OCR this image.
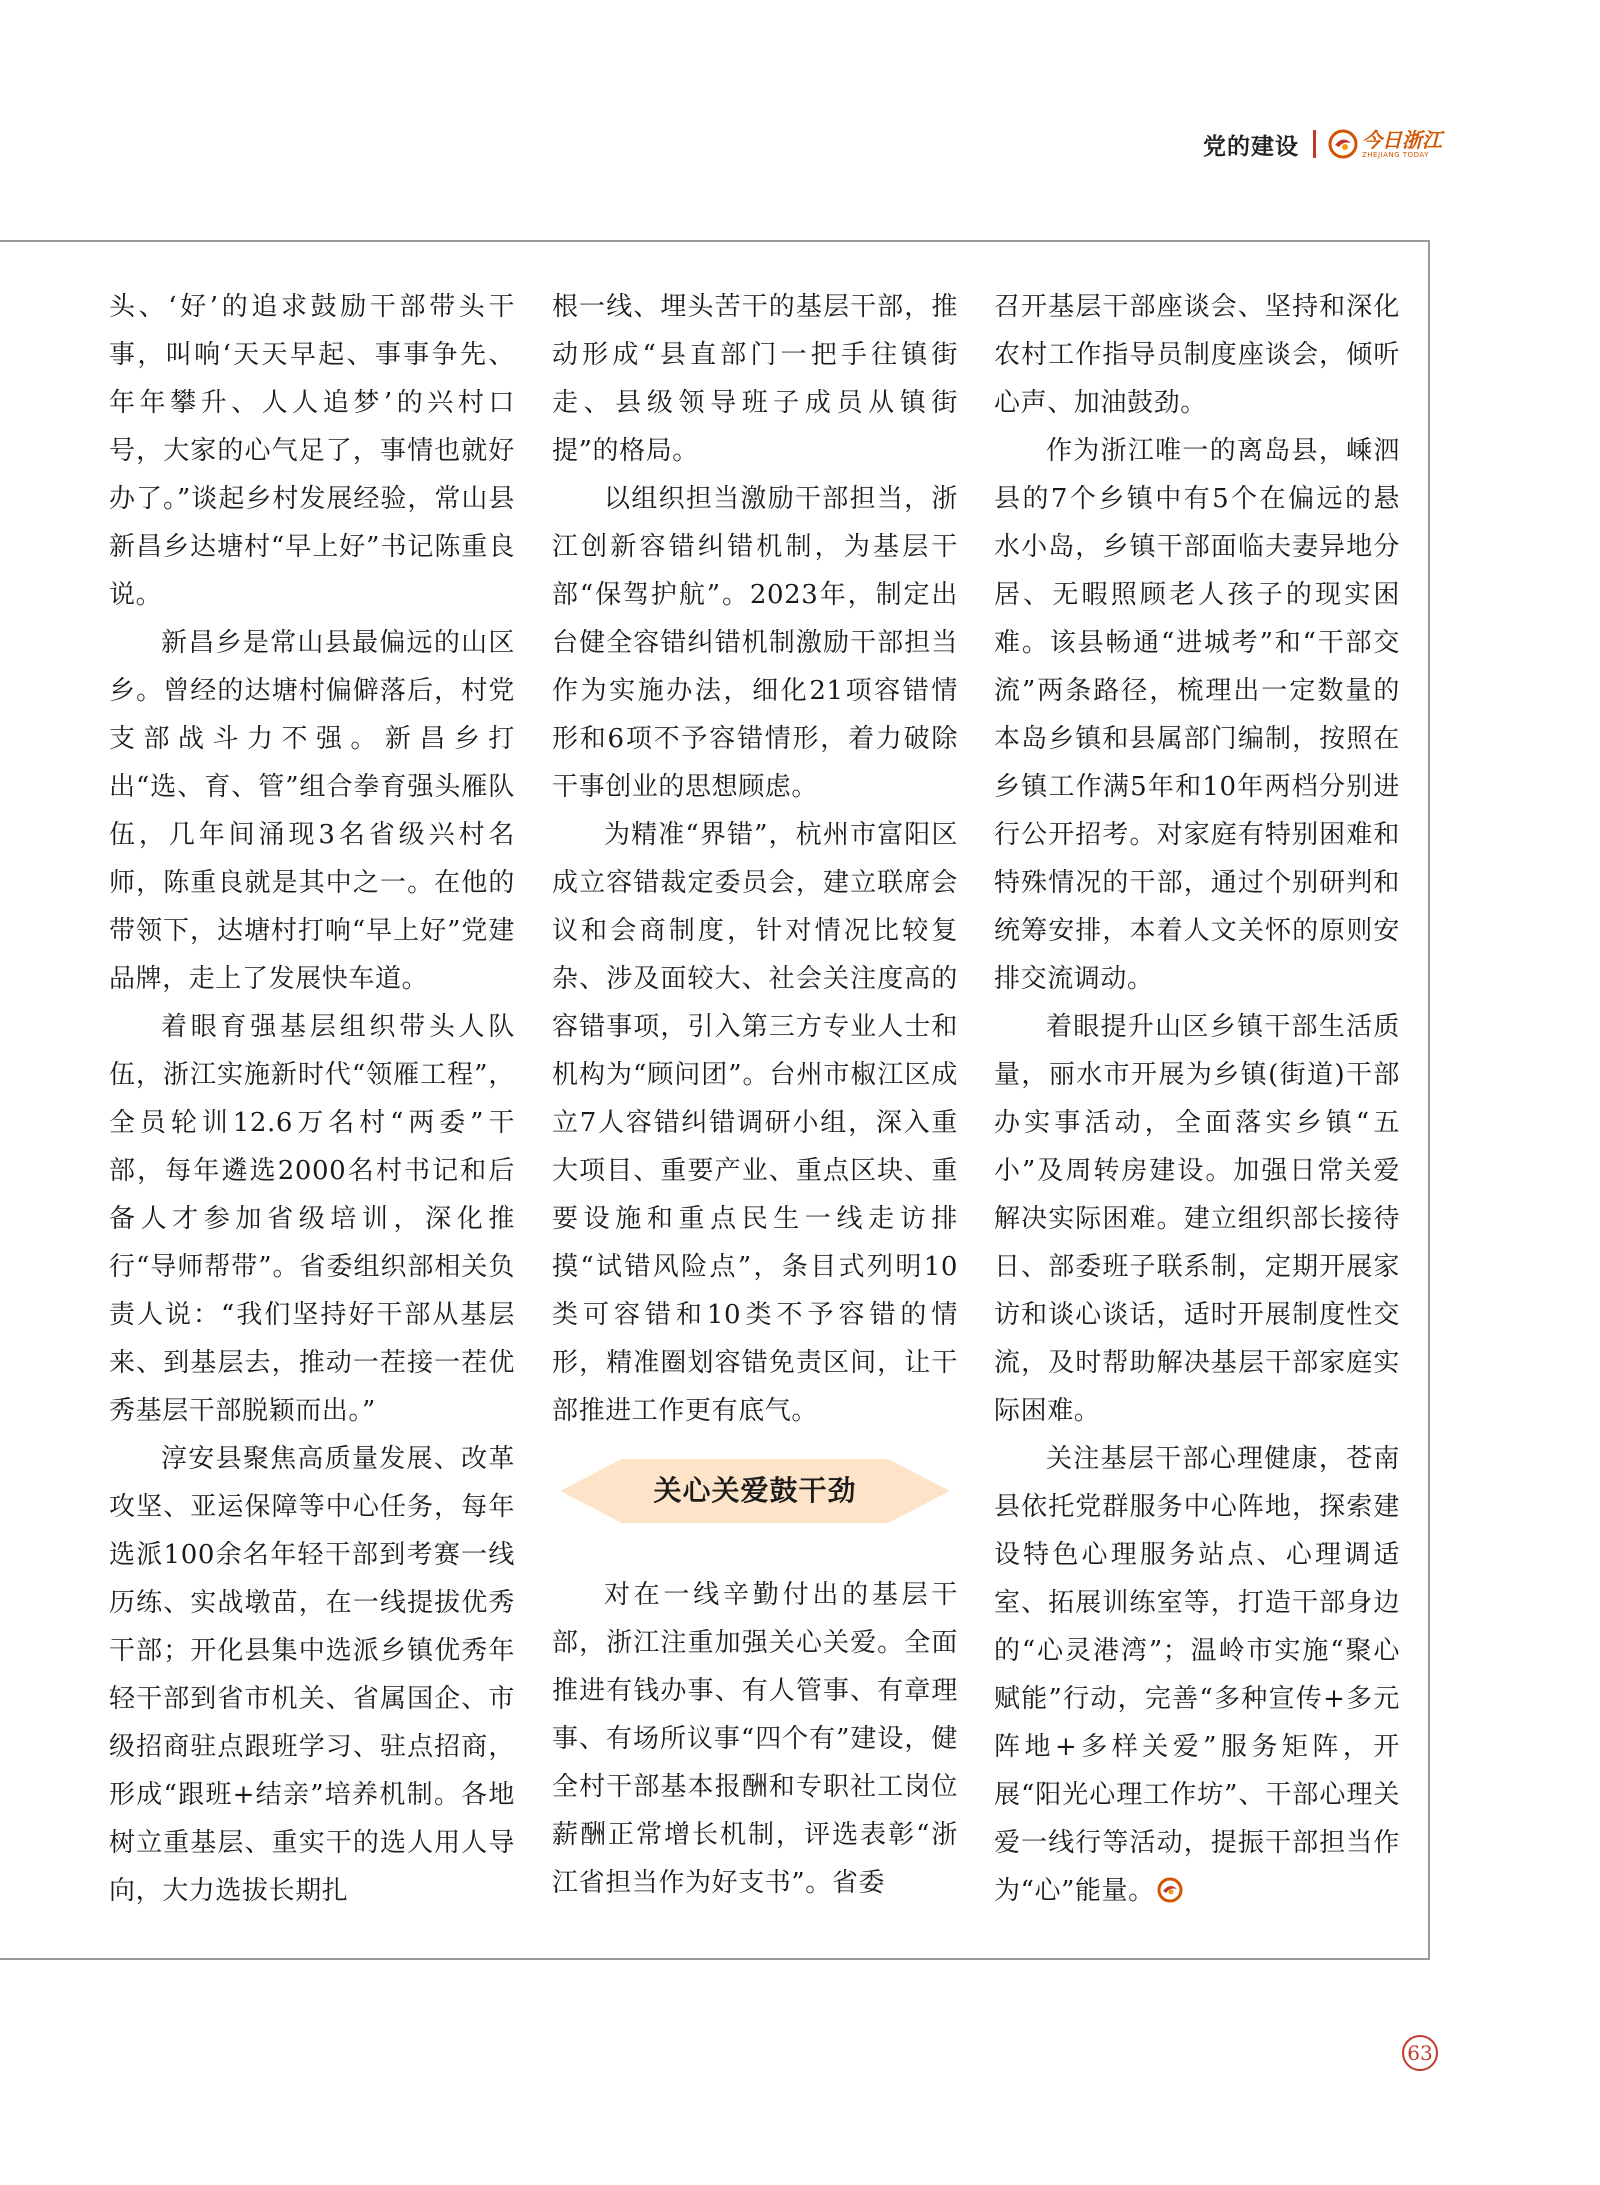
党的建设	今日浙江
ZHEJIANG TODAY

头、‘好’的追求鼓励干部带头干事，叫响‘天天早起、事事争先、年年攀升、人人追梦’的兴村口号，大家的心气足了，事情也就好办了。”谈起乡村发展经验，常山县新昌乡达塘村“早上好”书记陈重良说。

新昌乡是常山县最偏远的山区乡。曾经的达塘村偏僻落后，村党支部战斗力不强。新昌乡打出“选、育、管”组合拳育强头雁队伍，几年间涌现3名省级兴村名师，陈重良就是其中之一。在他的带领下，达塘村打响“早上好”党建品牌，走上了发展快车道。

着眼育强基层组织带头人队伍，浙江实施新时代“领雁工程”，全员轮训12.6万名村“两委”干部，每年遴选2000名村书记和后备人才参加省级培训，深化推行“导师帮带”。省委组织部相关负责人说：“我们坚持好干部从基层来、到基层去，推动一茬接一茬优秀基层干部脱颖而出。”

淳安县聚焦高质量发展、改革攻坚、亚运保障等中心任务，每年选派100余名年轻干部到考赛一线历练、实战墩苗，在一线提拔优秀干部；开化县集中选派乡镇优秀年轻干部到省市机关、省属国企、市级招商驻点跟班学习、驻点招商，形成“跟班+结亲”培养机制。各地树立重基层、重实干的选人用人导向，大力选拔长期扎

根一线、埋头苦干的基层干部，推动形成“县直部门一把手往镇街走、县级领导班子成员从镇街提”的格局。

以组织担当激励干部担当，浙江创新容错纠错机制，为基层干部“保驾护航”。2023年，制定出台健全容错纠错机制激励干部担当作为实施办法，细化21项容错情形和6项不予容错情形，着力破除干事创业的思想顾虑。

为精准“界错”，杭州市富阳区成立容错裁定委员会，建立联席会议和会商制度，针对情况比较复杂、涉及面较大、社会关注度高的容错事项，引入第三方专业人士和机构为“顾问团”。台州市椒江区成立7人容错纠错调研小组，深入重大项目、重要产业、重点区块、重要设施和重点民生一线走访排摸“试错风险点”，条目式列明10类可容错和10类不予容错的情形，精准圈划容错免责区间，让干部推进工作更有底气。

关心关爱鼓干劲

对在一线辛勤付出的基层干部，浙江注重加强关心关爱。全面推进有钱办事、有人管事、有章理事、有场所议事“四个有”建设，健全村干部基本报酬和专职社工岗位薪酬正常增长机制，评选表彰“浙江省担当作为好支书”。省委

召开基层干部座谈会、坚持和深化农村工作指导员制度座谈会，倾听心声、加油鼓劲。

作为浙江唯一的离岛县，嵊泗县的7个乡镇中有5个在偏远的悬水小岛，乡镇干部面临夫妻异地分居、无暇照顾老人孩子的现实困难。该县畅通“进城考”和“干部交流”两条路径，梳理出一定数量的本岛乡镇和县属部门编制，按照在乡镇工作满5年和10年两档分别进行公开招考。对家庭有特别困难和特殊情况的干部，通过个别研判和统筹安排，本着人文关怀的原则安排交流调动。

着眼提升山区乡镇干部生活质量，丽水市开展为乡镇(街道)干部办实事活动，全面落实乡镇“五小”及周转房建设。加强日常关爱解决实际困难。建立组织部长接待日、部委班子联系制，定期开展家访和谈心谈话，适时开展制度性交流，及时帮助解决基层干部家庭实际困难。

关注基层干部心理健康，苍南县依托党群服务中心阵地，探索建设特色心理服务站点、心理调适室、拓展训练室等，打造干部身边的“心灵港湾”；温岭市实施“聚心赋能”行动，完善“多种宣传+多元阵地+多样关爱”服务矩阵，开展“阳光心理工作坊”、干部心理关爱一线行等活动，提振干部担当作为“心”能量。

63
